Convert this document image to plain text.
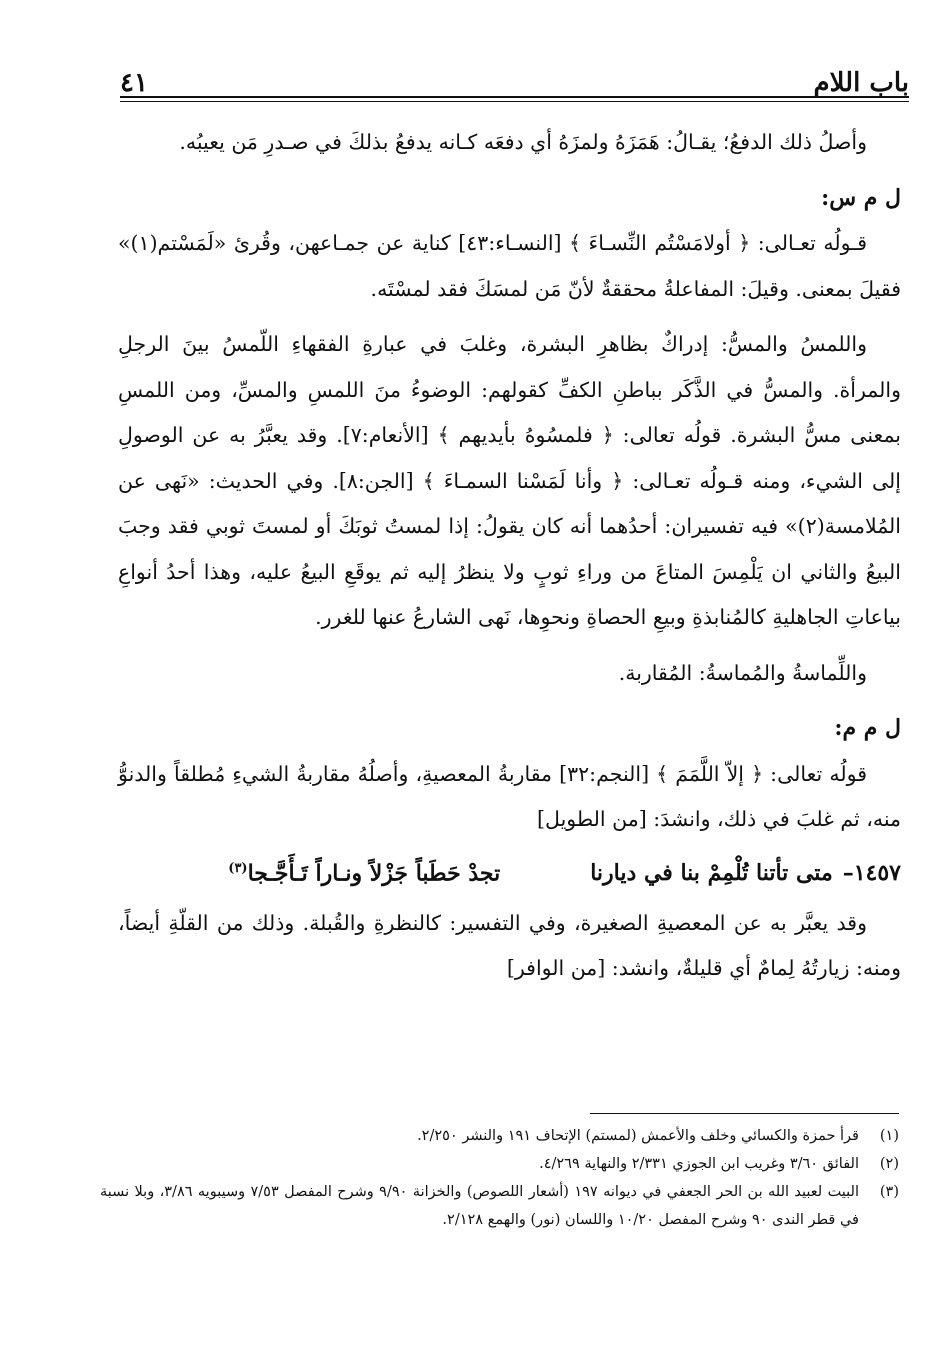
باب اللام
٤١

وأصلُ ذلك الدفعُ؛ يقـالُ: هَمَزَهُ ولمزَهُ أي دفعَه كـانه يدفعُ بذلكَ في صـدرِ مَن يعيبُه.

ل م س:

قـولُه تعـالى: ﴿ أولامَسْتُم النِّسـاءَ ﴾ [النسـاء:٤٣] كناية عن جمـاعهن، وقُرئ «لَمَسْتم(١)» فقيلَ بمعنى. وقيلَ: المفاعلةُ محققةٌ لأنّ مَن لمسَكَ فقد لمسْتَه.

واللمسُ والمسُّ: إدراكٌ بظاهرِ البشرة، وغلبَ في عبارةِ الفقهاءِ اللّمسُ بينَ الرجلِ والمرأة. والمسُّ في الذَّكَر بباطنِ الكفِّ كقولهم: الوضوءُ منَ اللمسِ والمسِّ، ومن اللمسِ بمعنى مسُّ البشرة. قولُه تعالى: ﴿ فلمسُوهُ بأيديهم ﴾ [الأنعام:٧]. وقد يعبَّرُ به عن الوصولِ إلى الشيء، ومنه قـولُه تعـالى: ﴿ وأنا لَمَسْنا السمـاءَ ﴾ [الجن:٨]. وفي الحديث: «نَهى عن المُلامسة(٢)» فيه تفسيران: أحدُهما أنه كان يقولُ: إذا لمستُ ثوبَكَ أو لمستَ ثوبي فقد وجبَ البيعُ والثاني ان يَلْمِسَ المتاعَ من وراءِ ثوبٍ ولا ينظرُ إليه ثم يوقَعِ البيعُ عليه، وهذا أحدُ أنواعِ بياعاتِ الجاهليةِ كالمُنابذةِ وبيعِ الحصاةِ ونحوِها، نَهى الشارعُ عنها للغرر.

واللِّماسةُ والمُماسةُ: المُقاربة.

ل م م:

قولُه تعالى: ﴿ إلاّ اللَّمَمَ ﴾ [النجم:٣٢] مقاربةُ المعصيةِ، وأصلُهُ مقاربةُ الشيءِ مُطلقاً والدنوُّ منه، ثم غلبَ في ذلك، وانشدَ: [من الطويل]

١٤٥٧–
متى تأتنا تُلْمِمْ بنا في ديارنا
تجدْ حَطَباً جَزْلاً ونـاراً تَـأَجَّـجا$^{(٣)}$

وقد يعبَّر به عن المعصيةِ الصغيرة، وفي التفسير: كالنظرةِ والقُبلة. وذلك من القلّةِ أيضاً، ومنه: زيارتُهُ لِمامٌ أي قليلةٌ، وانشد: [من الوافر]

(١)
قرأ حمزة والكسائي وخلف والأعمش (لمستم) الإتحاف ١٩١ والنشر ٢/٢٥٠.
(٢)
الفائق ٣/٦٠ وغريب ابن الجوزي ٢/٣٣١ والنهاية ٤/٢٦٩.
(٣)
البيت لعبيد الله بن الحر الجعفي في ديوانه ١٩٧ (أشعار اللصوص) والخزانة ٩/٩٠ وشرح المفصل ٧/٥٣ وسيبويه ٣/٨٦، وبلا نسبة في قطر الندى ٩٠ وشرح المفصل ١٠/٢٠ واللسان (نور) والهمع ٢/١٢٨.
